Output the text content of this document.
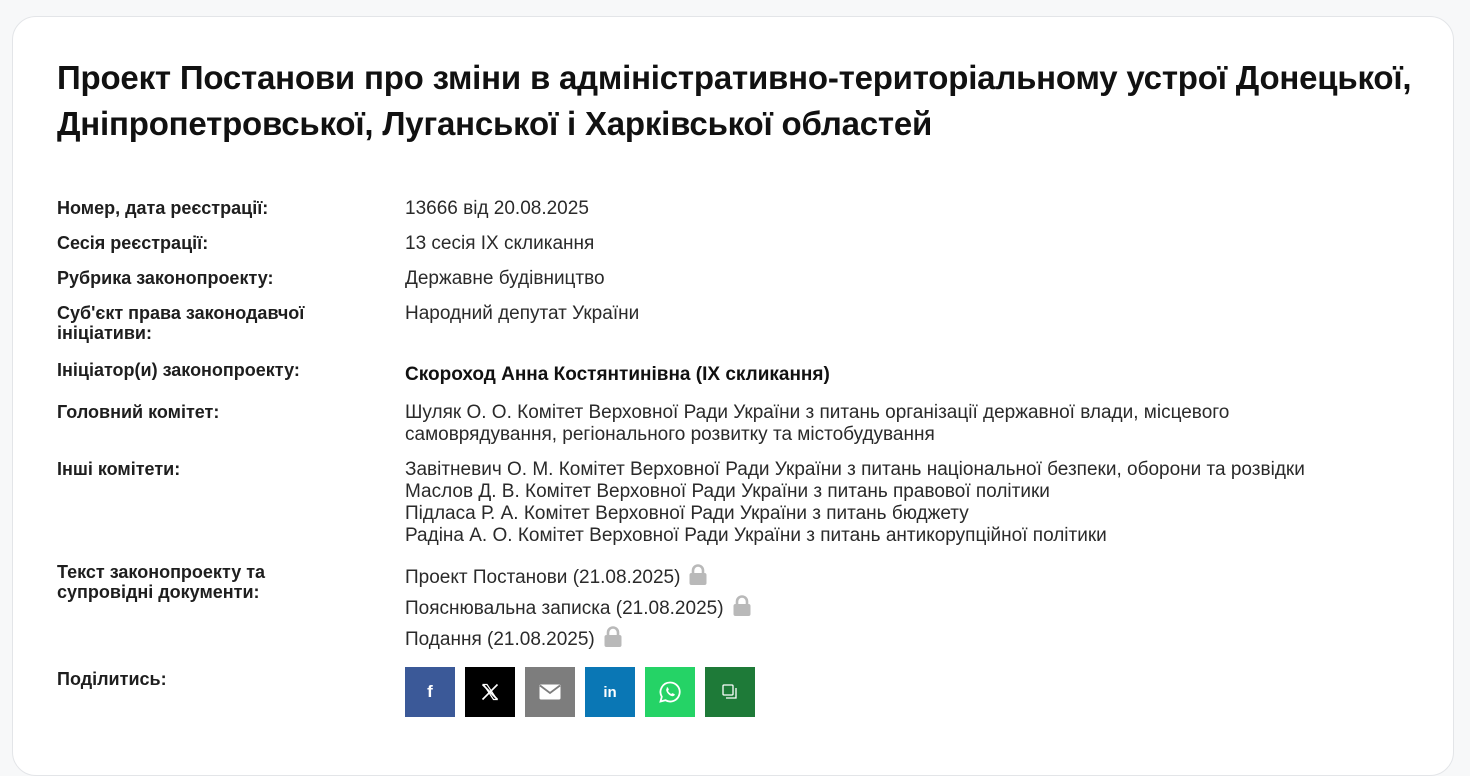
Проект Постанови про зміни в адміністративно-територіальному устрої Донецької, Дніпропетровської, Луганської і Харківської областей
Номер, дата реєстрації:	13666 від 20.08.2025
Сесія реєстрації:	13 сесія IX скликання
Рубрика законопроекту:	Державне будівництво
Суб'єкт права законодавчої ініціативи:
Народний депутат України
Ініціатор(и) законопроекту:	Скороход Анна Костянтинівна (IX скликання)
Головний комітет:	Шуляк О. О. Комітет Верховної Ради України з питань організації державної влади, місцевого самоврядування, регіонального розвитку та містобудування
Інші комітети:	Завітневич О. М. Комітет Верховної Ради України з питань національної безпеки, оборони та розвідки
Маслов Д. В. Комітет Верховної Ради України з питань правової політики
Підласа Р. А. Комітет Верховної Ради України з питань бюджету
Радіна А. О. Комітет Верховної Ради України з питань антикорупційної політики
Текст законопроекту та супровідні документи:
Проект Постанови (21.08.2025)
Пояснювальна записка (21.08.2025)
Подання (21.08.2025)
Поділитись:
f	in
